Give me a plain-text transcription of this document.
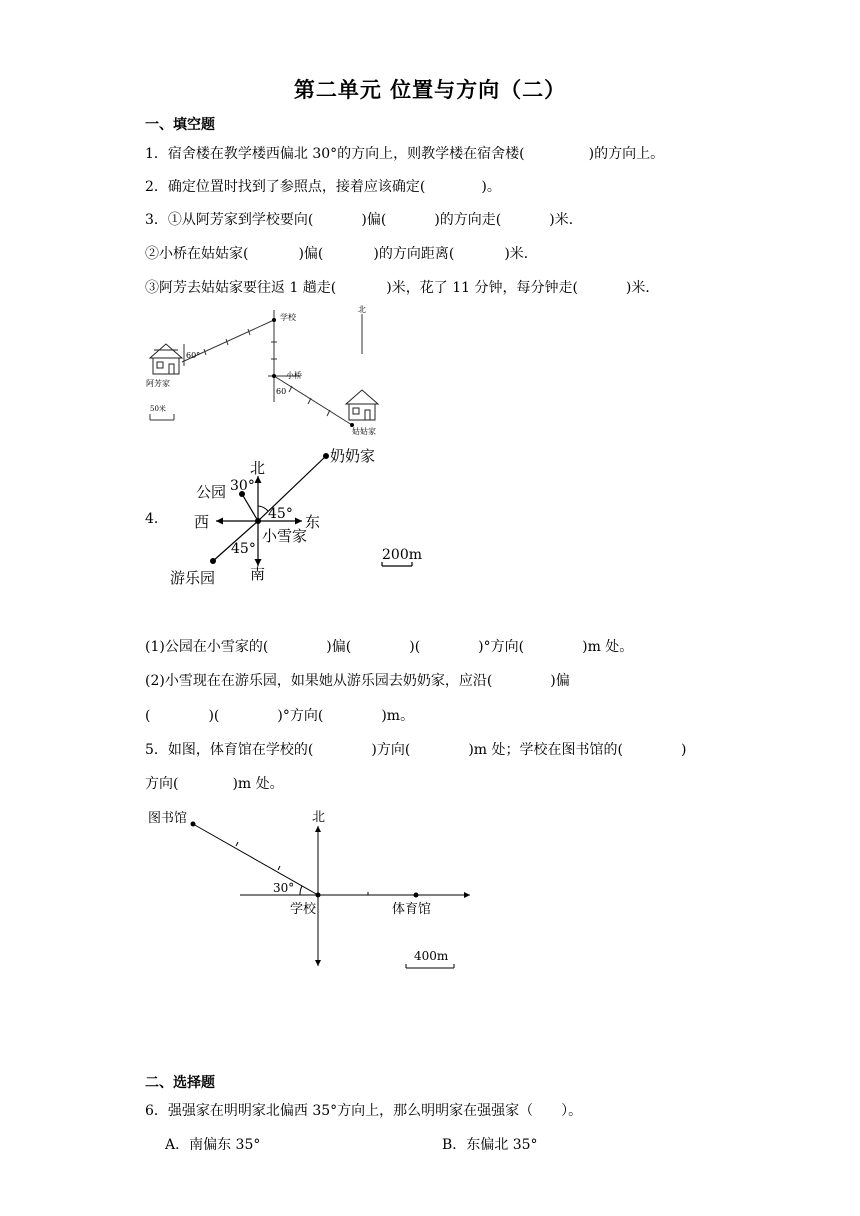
第二单元 位置与方向（二）
一、填空题
1．宿舍楼在教学楼西偏北 30°的方向上，则教学楼在宿舍楼(	)的方向上。
2．确定位置时找到了参照点，接着应该确定(	)。
3．①从阿芳家到学校要向(	)偏(	)的方向走(	)米．
②小桥在姑姑家(	)偏(	)的方向距离(	)米．
③阿芳去姑姑家要往返 1 趟走(	)米，花了 11 分钟，每分钟走(	)米．
学校
北
小桥
阿芳家
姑姑家
50米
60°
60
4．
北
南
东
西
公园
奶奶家
小雪家
游乐园
30°
45°
45°	200m
(1)公园在小雪家的(	)偏(	)(	)°方向(	)m 处。
(2)小雪现在在游乐园，如果她从游乐园去奶奶家，应沿(	)偏
(	)(	)°方向(	)m。
5．如图，体育馆在学校的(	)方向(	)m 处；学校在图书馆的(	)
方向(	)m 处。
图书馆	北
学校	体育馆
30°
400m
二、选择题
6．强强家在明明家北偏西 35°方向上，那么明明家在强强家（　　）。
A．南偏东 35°	B．东偏北 35°
